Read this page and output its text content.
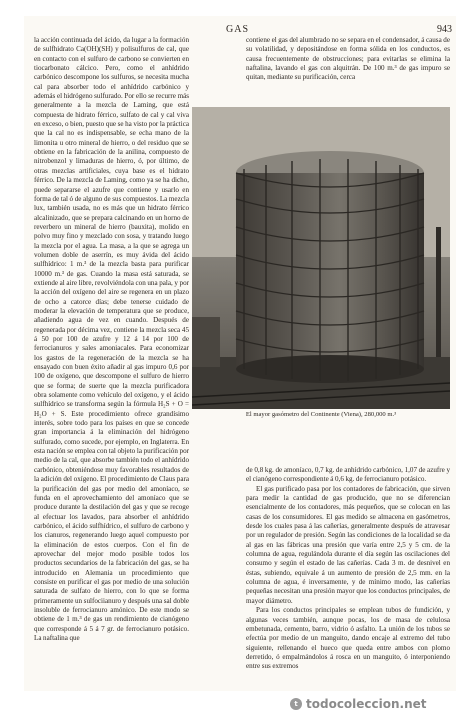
GAS	943

la acción continuada del ácido, da lugar a la formación de sulfhidrato Ca(OH)(SH) y polisulfuros de cal, que en contacto con el sulfuro de carbono se convierten en tiocarbonato cálcico. Pero, como el anhídrido carbónico descompone los sulfuros, se necesita mucha cal para absorber todo el anhídrido carbónico y además el hidrógeno sulfurado. Por ello se recurre más generalmente a la mezcla de Laming, que está compuesta de hidrato férrico, sulfato de cal y cal viva en exceso, o bien, puesto que se ha visto por la práctica que la cal no es indispensable, se echa mano de la limonita u otro mineral de hierro, o del residuo que se obtiene en la fabricación de la anilina, compuesto de nitrobenzol y limaduras de hierro, ó, por último, de otras mezclas artificiales, cuya base es el hidrato férrico. De la mezcla de Laming, como ya se ha dicho, puede separarse el azufre que contiene y usarlo en forma de tal ó de alguno de sus compuestos. La mezcla lux, también usada, no es más que un hidrato férrico alcalinizado, que se prepara calcinando en un horno de reverbero un mineral de hierro (bauxita), molido en polvo muy fino y mezclado con sosa, y tratando luego la mezcla por el agua. La masa, a la que se agrega un volumen doble de aserrín, es muy ávida del ácido sulfhídrico: 1 m.³ de la mezcla basta para purificar 10000 m.³ de gas. Cuando la masa está saturada, se extiende al aire libre, revolviéndola con una pala, y por la acción del oxígeno del aire se regenera en un plazo de ocho a catorce días; debe tenerse cuidado de moderar la elevación de temperatura que se produce, añadiendo agua de vez en cuando. Después de regenerada por décima vez, contiene la mezcla seca 45 á 50 por 100 de azufre y 12 á 14 por 100 de ferrocianuros y sales amoniacales. Para economizar los gastos de la regeneración de la mezcla se ha ensayado con buen éxito añadir al gas impuro 0,6 por 100 de oxígeno, que descompone el sulfuro de hierro que se forma; de suerte que la mezcla purificadora obra solamente como vehículo del oxígeno, y el ácido sulfhídrico se transforma según la fórmula H₂S + O = H₂O + S. Este procedimiento ofrece grandísimo interés, sobre todo para los países en que se concede gran importancia á la eliminación del hidrógeno sulfurado, como sucede, por ejemplo, en Inglaterra. En esta nación se emplea con tal objeto la purificación por medio de la cal, que absorbe también todo el anhídrido carbónico, obteniéndose muy favorables resultados de la adición del oxígeno. El procedimiento de Claus para la purificación del gas por medio del amoníaco, se funda en el aprovechamiento del amoníaco que se produce durante la destilación del gas y que se recoge al efectuar los lavados, para absorber el anhídrido carbónico, el ácido sulfhídrico, el sulfuro de carbono y los cianuros, regenerando luego aquel compuesto por la eliminación de estos cuerpos. Con el fin de aprovechar del mejor modo posible todos los productos secundarios de la fabricación del gas, se ha introducido en Alemania un procedimiento que consiste en purificar el gas por medio de una solución saturada de sulfato de hierro, con lo que se forma primeramente un sulfociianuro y después una sal doble insoluble de ferrocianuro amónico. De este modo se obtiene de 1 m.³ de gas un rendimiento de cianógeno que corresponde á 5 á 7 gr. de ferrocianuro potásico. La naftalina que

contiene el gas del alumbrado no se separa en el condensador, á causa de su volatilidad, y depositándose en forma sólida en los conductos, es causa frecuentemente de obstrucciones; para evitarlas se elimina la naftalina, lavando el gas con alquitrán. De 100 m.³ de gas impuro se quitan, mediante su purificación, cerca

El mayor gasómetro del Continente (Viena), 280,000 m.³

de 0,8 kg. de amoníaco, 0,7 kg. de anhídrido carbónico, 1,07 de azufre y el cianógeno correspondiente á 0,6 kg. de ferrocianuro potásico.

El gas purificado pasa por los contadores de fabricación, que sirven para medir la cantidad de gas producido, que no se diferencian esencialmente de los contadores, más pequeños, que se colocan en las casas de los consumidores. El gas medido se almacena en gasómetros, desde los cuales pasa á las cañerías, generalmente después de atravesar por un regulador de presión. Según las condiciones de la localidad se da al gas en las fábricas una presión que varía entre 2,5 y 5 cm. de la columna de agua, regulándola durante el día según las oscilaciones del consumo y según el estado de las cañerías. Cada 3 m. de desnivel en éstas, subiendo, equivale á un aumento de presión de 2,5 mm. en la columna de agua, é inversamente, y de mínimo modo, las cañerías pequeñas necesitan una presión mayor que los conductos principales, de mayor diámetro.

Para los conductos principales se emplean tubos de fundición, y algunas veces también, aunque pocas, los de masa de celulosa embetunada, cemento, barro, vidrio ó asfalto. La unión de los tubos se efectúa por medio de un manguito, dando encaje al extremo del tubo siguiente, rellenando el hueco que queda entre ambos con plomo derretido, ó empalmándolos á rosca en un manguito, ó interponiendo entre sus extremos

t todocoleccion.net
